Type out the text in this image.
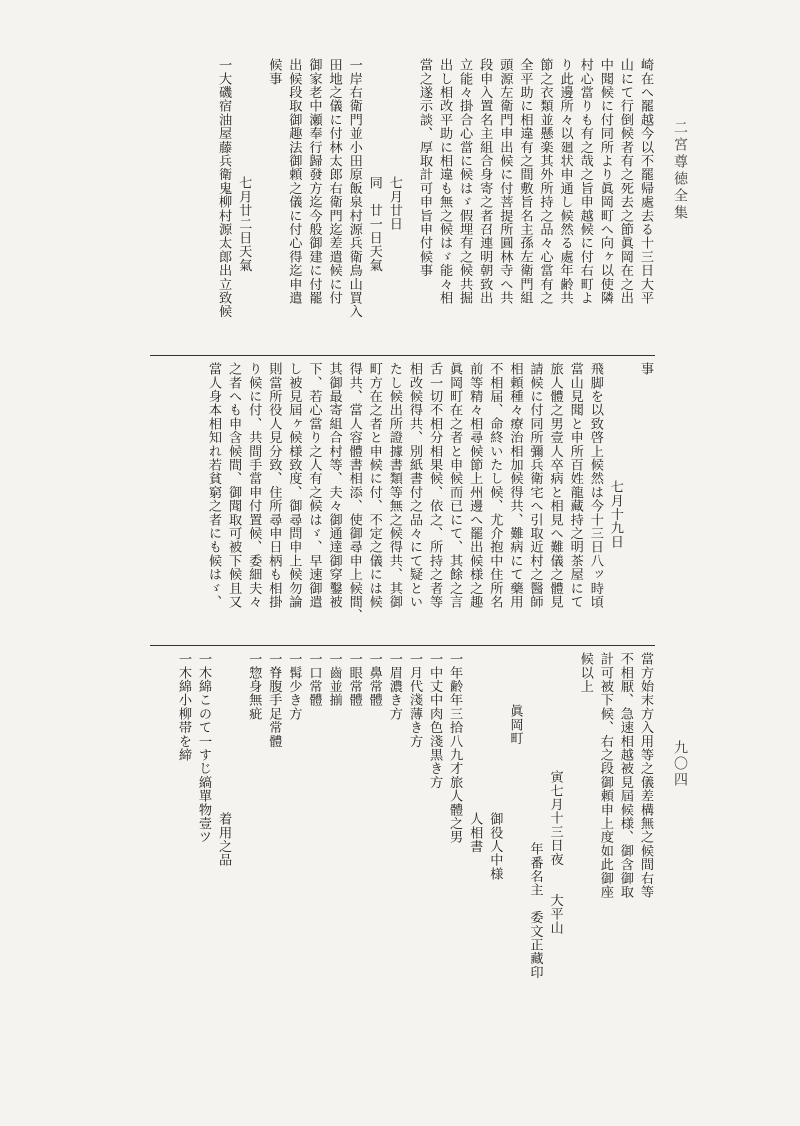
二宮尊徳全集
九〇四
崎在へ罷越今以不罷帰處去る十三日大平
山にて行倒候者有之死去之節眞岡在之出
中聞候に付同所より眞岡町へ向ヶ以使隣
村心當りも有之哉之旨申越候に付右町よ
り此邊所々以廻状申通し候然る處年齢共
節之衣類並懸楽其外所持之品々心當有之
全平助に相違有之間敷旨名主孫左衛門組
頭源左衛門申出候に付菩提所圓林寺へ共
段申入置名主組合身寄之者召連明朝致出
立能々掛合心當に候はゞ假埋有之候共掘
出し相改平助に相違も無之候はゞ能々相
當之遂示談、厚取計可申旨申付候事
七月廿日
同　廿一日天氣
一岸右衛門並小田原飯泉村源兵衛鳥山買入
田地之儀に付林太郎右衛門迄差遣候に付
御家老中瀬奉行歸發方迄今般御建に付罷
出候段取御趣法御頼之儀に付心得迄申遣
候事
七月廿二日天氣
一大磯宿油屋藤兵衛鬼柳村源太郎出立致候
事
七月十九日
飛脚を以致啓上候然は今十三日八ッ時頃
當山見聞と申所百姓龍藏持之明茶屋にて
旅人體之男壹人卒病と相見へ難儀之體見
請候に付同所彌兵衛宅へ引取近村之醫師
相頼種々療治相加候得共、難病にて藥用
不相届、命終いたし候、尤介抱中住所名
前等精々相尋候節上州邊へ罷出候様之趣
眞岡町在之者と申候而已にて、其餘之言
舌一切不相分相果候、依之、所持之者等
相改候得共、別紙書付之品々にて疑とい
たし候出所證據書類等無之候得共、其御
町方在之者と申候に付、不定之儀には候
得共、當人容體書相添、使御尋申上候間、
其御最寄組合村等、夫々御通達御穿鑿被
下、若心當り之人有之候はゞ、早速御遣
し被見屆ヶ候様致度、御尋問申上候勿論
則當所役人見分致、住所尋申日柄も相掛
り候に付、共間手當申付置候、委細夫々
之者へも申含候間、御聞取可被下候且又
當人身本相知れ若貧窮之者にも候はゞ、
當方始末方入用等之儀差構無之候間右等
不相厭、急速相越被見屆候様、御含御取
計可被下候、右之段御頼申上度如此御座
候以上
寅七月十三日夜　　大平山
年番名主　委文正藏印
眞岡町
御役人中様
人相書
一年齢年三拾八九才旅人體之男
一中丈中肉色淺黒き方
一月代淺薄き方
一眉濃き方
一鼻常體
一眼常體
一齒並揃
一口常體
一髯少き方
一脊腹手足常體
一惣身無疵
着用之品
一木綿このて一すじ縞單物壹ツ
一木綿小柳帯を締
